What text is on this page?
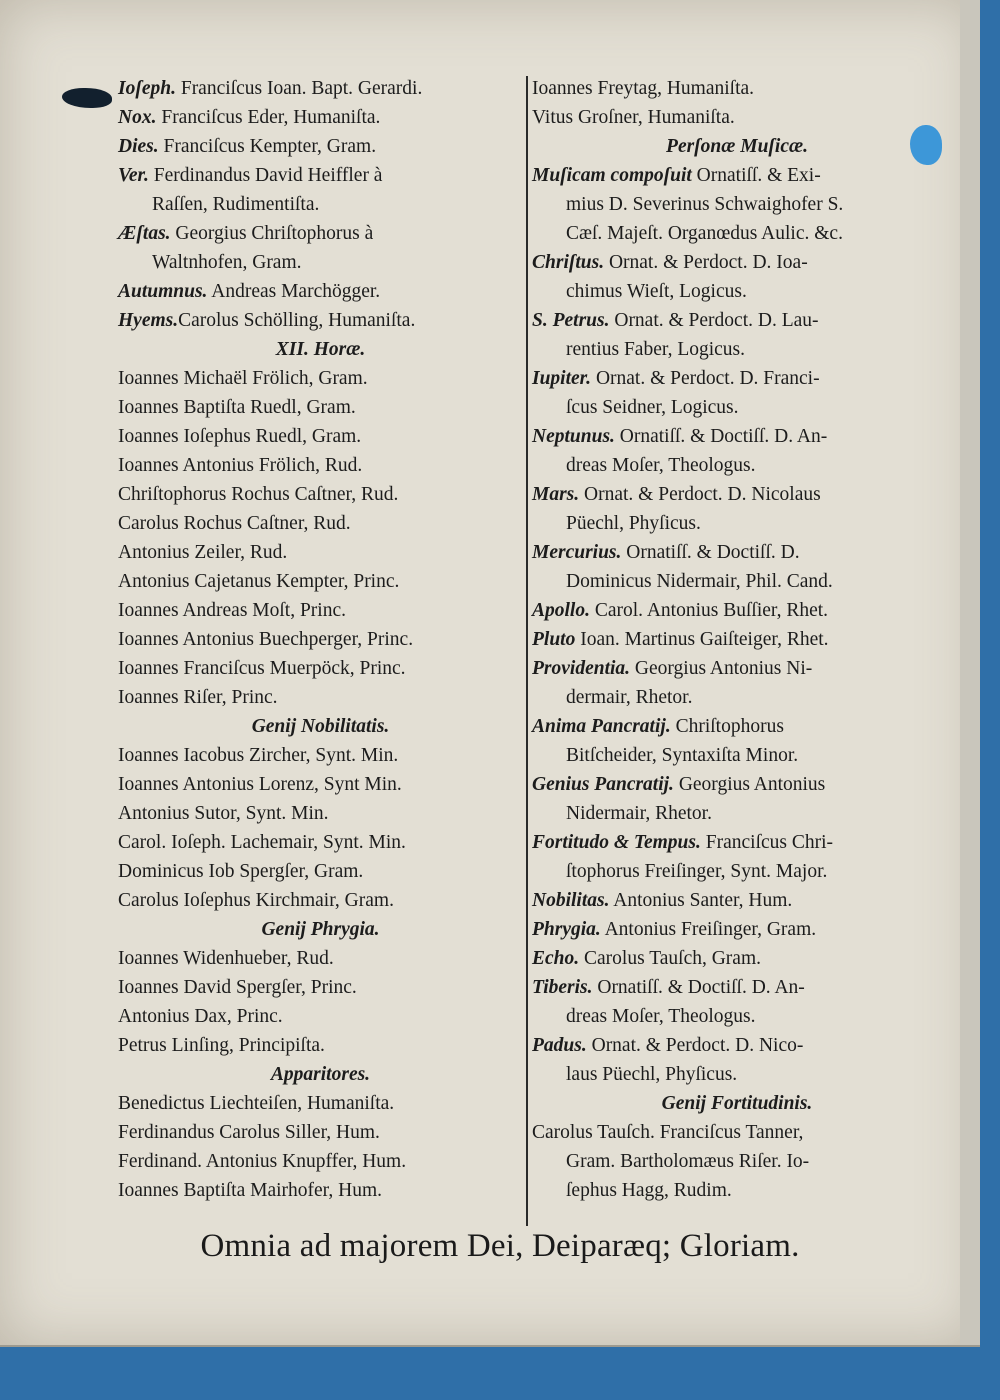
Ioſeph. Franciſcus Ioan. Bapt. Gerardi.
Nox. Franciſcus Eder, Humaniſta.
Dies. Franciſcus Kempter, Gram.
Ver. Ferdinandus David Heiffler à
Raſſen, Rudimentiſta.
Æſtas. Georgius Chriſtophorus à
Waltnhofen, Gram.
Autumnus. Andreas Marchögger.
Hyems.Carolus Schölling, Humaniſta.
XII. Horæ.
Ioannes Michaël Frölich, Gram.
Ioannes Baptiſta Ruedl, Gram.
Ioannes Ioſephus Ruedl, Gram.
Ioannes Antonius Frölich, Rud.
Chriſtophorus Rochus Caſtner, Rud.
Carolus Rochus Caſtner, Rud.
Antonius Zeiler, Rud.
Antonius Cajetanus Kempter, Princ.
Ioannes Andreas Moſt, Princ.
Ioannes Antonius Buechperger, Princ.
Ioannes Franciſcus Muerpöck, Princ.
Ioannes Riſer, Princ.
Genij Nobilitatis.
Ioannes Iacobus Zircher, Synt. Min.
Ioannes Antonius Lorenz, Synt Min.
Antonius Sutor, Synt. Min.
Carol. Ioſeph. Lachemair, Synt. Min.
Dominicus Iob Spergſer, Gram.
Carolus Ioſephus Kirchmair, Gram.
Genij Phrygia.
Ioannes Widenhueber, Rud.
Ioannes David Spergſer, Princ.
Antonius Dax, Princ.
Petrus Linſing, Principiſta.
Apparitores.
Benedictus Liechteiſen, Humaniſta.
Ferdinandus Carolus Siller, Hum.
Ferdinand. Antonius Knupffer, Hum.
Ioannes Baptiſta Mairhofer, Hum.
Ioannes Freytag, Humaniſta.
Vitus Groſner, Humaniſta.
Perſonæ Muſicæ.
Muſicam compoſuit Ornatiſſ. & Exi-
mius D. Severinus Schwaighofer S.
Cæſ. Majeſt. Organœdus Aulic. &c.
Chriſtus. Ornat. & Perdoct. D. Ioa-
chimus Wieſt, Logicus.
S. Petrus. Ornat. & Perdoct. D. Lau-
rentius Faber, Logicus.
Iupiter. Ornat. & Perdoct. D. Franci-
ſcus Seidner, Logicus.
Neptunus. Ornatiſſ. & Doctiſſ. D. An-
dreas Moſer, Theologus.
Mars. Ornat. & Perdoct. D. Nicolaus
Püechl, Phyſicus.
Mercurius. Ornatiſſ. & Doctiſſ. D.
Dominicus Nidermair, Phil. Cand.
Apollo. Carol. Antonius Buſſier, Rhet.
Pluto Ioan. Martinus Gaiſteiger, Rhet.
Providentia. Georgius Antonius Ni-
dermair, Rhetor.
Anima Pancratij. Chriſtophorus
Bitſcheider, Syntaxiſta Minor.
Genius Pancratij. Georgius Antonius
Nidermair, Rhetor.
Fortitudo & Tempus. Franciſcus Chri-
ſtophorus Freiſinger, Synt. Major.
Nobilitas. Antonius Santer, Hum.
Phrygia. Antonius Freiſinger, Gram.
Echo. Carolus Tauſch, Gram.
Tiberis. Ornatiſſ. & Doctiſſ. D. An-
dreas Moſer, Theologus.
Padus. Ornat. & Perdoct. D. Nico-
laus Püechl, Phyſicus.
Genij Fortitudinis.
Carolus Tauſch. Franciſcus Tanner,
Gram. Bartholomæus Riſer. Io-
ſephus Hagg, Rudim.
Omnia ad majorem Dei, Deiparæq; Gloriam.
